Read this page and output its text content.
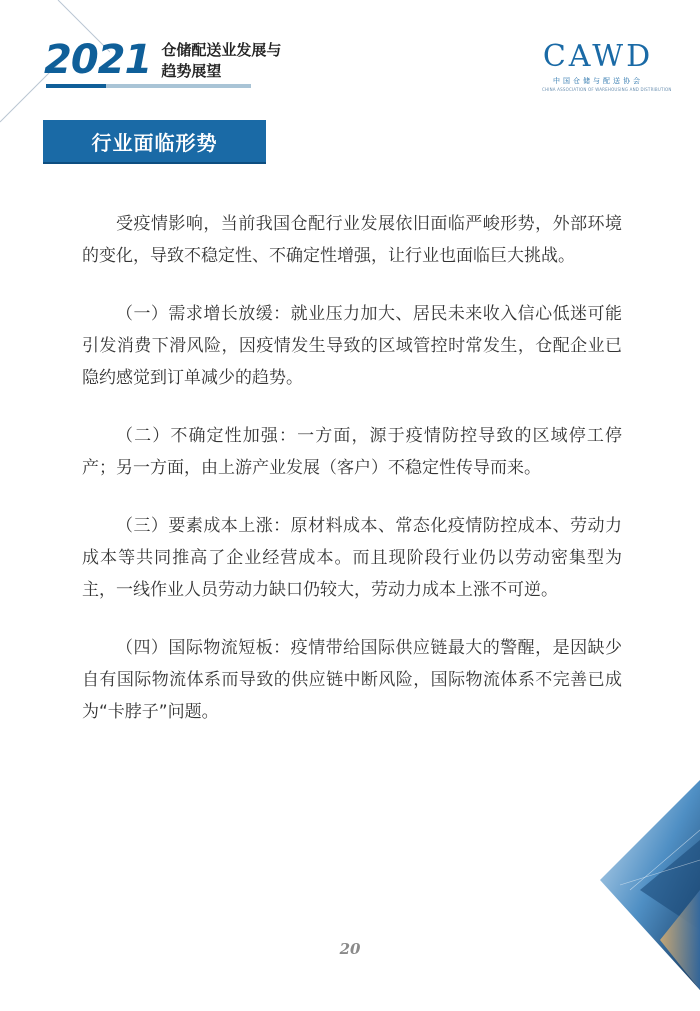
2021 仓储配送业发展与
趋势展望	CAWD
中国仓储与配送协会
CHINA ASSOCIATION OF WAREHOUSING AND DISTRIBUTION
行业面临形势

受疫情影响，当前我国仓配行业发展依旧面临严峻形势，外部环境的变化，导致不稳定性、不确定性增强，让行业也面临巨大挑战。

（一）需求增长放缓：就业压力加大、居民未来收入信心低迷可能引发消费下滑风险，因疫情发生导致的区域管控时常发生，仓配企业已隐约感觉到订单减少的趋势。

（二）不确定性加强：一方面，源于疫情防控导致的区域停工停产；另一方面，由上游产业发展（客户）不稳定性传导而来。

（三）要素成本上涨：原材料成本、常态化疫情防控成本、劳动力成本等共同推高了企业经营成本。而且现阶段行业仍以劳动密集型为主，一线作业人员劳动力缺口仍较大，劳动力成本上涨不可逆。

（四）国际物流短板：疫情带给国际供应链最大的警醒，是因缺少自有国际物流体系而导致的供应链中断风险，国际物流体系不完善已成为“卡脖子”问题。

20
